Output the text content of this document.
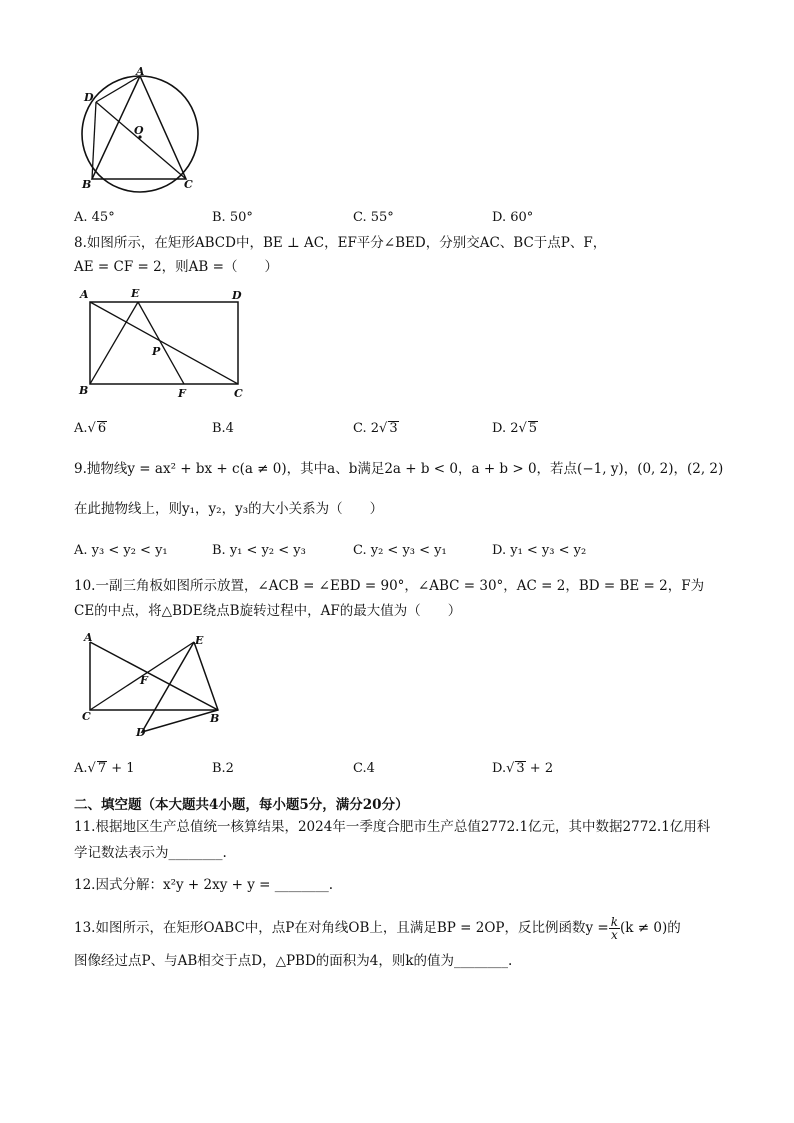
A
D
O
B	C
A. 45°	B. 50°	C. 55°	D. 60°
8.如图所示，在矩形ABCD中，BE ⊥ AC，EF平分∠BED，分别交AC、BC于点P、F，
AE = CF = 2，则AB =（　　）
A	E	D
P
B	F	C
A.√ 6	B.4	C. 2√ 3	D. 2√ 5
9.抛物线y = ax² + bx + c(a ≠ 0)，其中a、b满足2a + b < 0，a + b > 0，若点(−1, y)，(0, 2)，(2, 2)
在此抛物线上，则y₁，y₂，y₃的大小关系为（　　）
A. y₃ < y₂ < y₁	B. y₁ < y₂ < y₃	C. y₂ < y₃ < y₁	D. y₁ < y₃ < y₂
10.一副三角板如图所示放置，∠ACB = ∠EBD = 90°，∠ABC = 30°，AC = 2，BD = BE = 2，F为
CE的中点，将△BDE绕点B旋转过程中，AF的最大值为（　　）
A	E
F
C	B
D
A.√ 7 + 1	B.2	C.4	D.√ 3 + 2
二、填空题（本大题共4小题，每小题5分，满分20分）
11.根据地区生产总值统一核算结果，2024年一季度合肥市生产总值2772.1亿元，其中数据2772.1亿用科
学记数法表示为________.
12.因式分解：x²y + 2xy + y = ________.
13.如图所示，在矩形OABC中，点P在对角线OB上，且满足BP = 2OP，反比例函数$y = \frac{k}{x} (k \ne 0)$的
图像经过点P、与AB相交于点D，△PBD的面积为4，则k的值为________.
